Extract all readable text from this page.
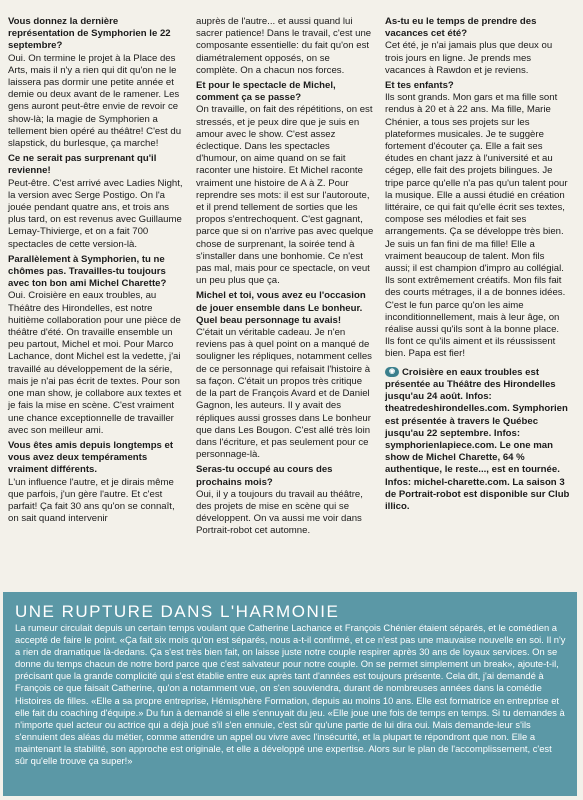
Vous donnez la dernière représentation de Symphorien le 22 septembre?

Oui. On termine le projet à la Place des Arts, mais il n'y a rien qui dit qu'on ne le laissera pas dormir une petite année et demie ou deux avant de le ramener. Les gens auront peut-être envie de revoir ce show-là; la magie de Symphorien a tellement bien opéré au théâtre! C'est du slapstick, du burlesque, ça marche!

Ce ne serait pas surprenant qu'il revienne!

Peut-être. C'est arrivé avec Ladies Night, la version avec Serge Postigo. On l'a jouée pendant quatre ans, et trois ans plus tard, on est revenus avec Guillaume Lemay-Thivierge, et on a fait 700 spectacles de cette version-là.

Parallèlement à Symphorien, tu ne chômes pas. Travailles-tu toujours avec ton bon ami Michel Charette?

Oui. Croisière en eaux troubles, au Théâtre des Hirondelles, est notre huitième collaboration pour une pièce de théâtre d'été. On travaille ensemble un peu partout, Michel et moi. Pour Marco Lachance, dont Michel est la vedette, j'ai travaillé au développement de la série, mais je n'ai pas écrit de textes. Pour son one man show, je collabore aux textes et je fais la mise en scène. C'est vraiment une chance exceptionnelle de travailler avec son meilleur ami.

Vous êtes amis depuis longtemps et vous avez deux tempéraments vraiment différents.

L'un influence l'autre, et je dirais même que parfois, j'un gère l'autre. Et c'est parfait! Ça fait 30 ans qu'on se connaît, on sait quand intervenir

auprès de l'autre... et aussi quand lui sacrer patience! Dans le travail, c'est une composante essentielle: du fait qu'on est diamétralement opposés, on se complète. On a chacun nos forces.

Et pour le spectacle de Michel, comment ça se passe?

On travaille, on fait des répétitions, on est stressés, et je peux dire que je suis en amour avec le show. C'est assez éclectique. Dans les spectacles d'humour, on aime quand on se fait raconter une histoire. Et Michel raconte vraiment une histoire de A à Z. Pour reprendre ses mots: il est sur l'autoroute, et il prend tellement de sorties que les propos s'entrechoquent. C'est gagnant, parce que si on n'arrive pas avec quelque chose de surprenant, la soirée tend à s'installer dans une bonhomie. Ce n'est pas mal, mais pour ce spectacle, on veut un peu plus que ça.

Michel et toi, vous avez eu l'occasion de jouer ensemble dans Le bonheur. Quel beau personnage tu avais!

C'était un véritable cadeau. Je n'en reviens pas à quel point on a manqué de souligner les répliques, notamment celles de ce personnage qui refaisait l'histoire à sa façon. C'était un propos très critique de la part de François Avard et de Daniel Gagnon, les auteurs. Il y avait des répliques aussi grosses dans Le bonheur que dans Les Bougon. C'est allé très loin dans l'écriture, et pas seulement pour ce personnage-là.

Seras-tu occupé au cours des prochains mois?

Oui, il y a toujours du travail au théâtre, des projets de mise en scène qui se développent. On va aussi me voir dans Portrait-robot cet automne.

As-tu eu le temps de prendre des vacances cet été?

Cet été, je n'ai jamais plus que deux ou trois jours en ligne. Je prends mes vacances à Rawdon et je reviens.

Et tes enfants?

Ils sont grands. Mon gars et ma fille sont rendus à 20 et à 22 ans. Ma fille, Marie Chénier, a tous ses projets sur les plateformes musicales. Je te suggère fortement d'écouter ça. Elle a fait ses études en chant jazz à l'université et au cégep, elle fait des projets bilingues. Je tripe parce qu'elle n'a pas qu'un talent pour la musique. Elle a aussi étudié en création littéraire, ce qui fait qu'elle écrit ses textes, compose ses mélodies et fait ses arrangements. Ça se développe très bien. Je suis un fan fini de ma fille! Elle a vraiment beaucoup de talent. Mon fils aussi; il est champion d'impro au collégial. Ils sont extrêmement créatifs. Mon fils fait des courts métrages, il a de bonnes idées. C'est le fun parce qu'on les aime inconditionnellement, mais à leur âge, on réalise aussi qu'ils sont à la bonne place. Ils font ce qu'ils aiment et ils réussissent bien. Papa est fier!

◉ Croisière en eaux troubles est présentée au Théâtre des Hirondelles jusqu'au 24 août. Infos: theatredeshirondelles.com. Symphorien est présentée à travers le Québec jusqu'au 22 septembre. Infos: symphorienlapiece.com. Le one man show de Michel Charette, 64 % authentique, le reste..., est en tournée. Infos: michel-charette.com. La saison 3 de Portrait-robot est disponible sur Club illico.
UNE RUPTURE DANS L'HARMONIE

La rumeur circulait depuis un certain temps voulant que Catherine Lachance et François Chénier étaient séparés, et le comédien a accepté de faire le point. «Ça fait six mois qu'on est séparés, nous a-t-il confirmé, et ce n'est pas une mauvaise nouvelle en soi. Il n'y a rien de dramatique là-dedans. Ça s'est très bien fait, on laisse juste notre couple respirer après 30 ans de loyaux services. On se donne du temps chacun de notre bord parce que c'est salvateur pour notre couple. On se permet simplement un break», ajoute-t-il, précisant que la grande complicité qui s'est établie entre eux après tant d'années est toujours présente. Cela dit, j'ai demandé à François ce que faisait Catherine, qu'on a notamment vue, on s'en souviendra, durant de nombreuses années dans la comédie Histoires de filles. «Elle a sa propre entreprise, Hémisphère Formation, depuis au moins 10 ans. Elle est formatrice en entreprise et elle fait du coaching d'équipe.» Du fun à demandé si elle s'ennuyait du jeu. «Elle joue une fois de temps en temps. Si tu demandes à n'importe quel acteur ou actrice qui a déjà joué s'il s'en ennuie, c'est sûr qu'une partie de lui dira oui. Mais demande-leur s'ils s'ennuient des aléas du métier, comme attendre un appel ou vivre avec l'insécurité, et la plupart te répondront que non. Elle a maintenant la stabilité, son approche est originale, et elle a développé une expertise. Alors sur le plan de l'accomplissement, c'est sûr qu'elle trouve ça super!»
